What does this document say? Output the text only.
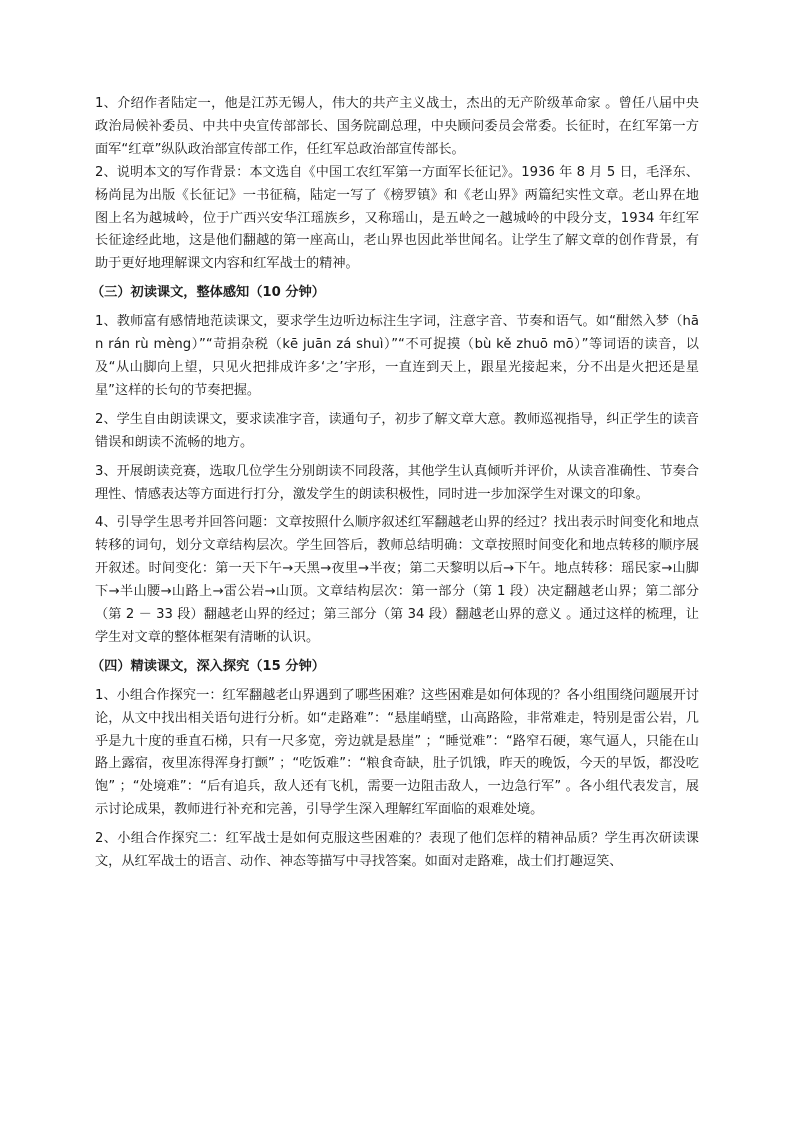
1、介绍作者陆定一，他是江苏无锡人，伟大的共产主义战士，杰出的无产阶级革命家 。曾任八届中央政治局候补委员、中共中央宣传部部长、国务院副总理，中央顾问委员会常委。长征时，在红军第一方面军“红章”纵队政治部宣传部工作，任红军总政治部宣传部长。

2、说明本文的写作背景：本文选自《中国工农红军第一方面军长征记》。1936 年 8 月 5 日，毛泽东、杨尚昆为出版《长征记》一书征稿，陆定一写了《榜罗镇》和《老山界》两篇纪实性文章。老山界在地图上名为越城岭，位于广西兴安华江瑶族乡，又称瑶山，是五岭之一越城岭的中段分支，1934 年红军长征途经此地，这是他们翻越的第一座高山，老山界也因此举世闻名。让学生了解文章的创作背景，有助于更好地理解课文内容和红军战士的精神。

（三）初读课文，整体感知（10 分钟）

1、教师富有感情地范读课文，要求学生边听边标注生字词，注意字音、节奏和语气。如“酣然入梦（hān rán rù mèng）”“苛捐杂税（kē juān zá shuì）”“不可捉摸（bù kě zhuō mō）”等词语的读音，以及“从山脚向上望，只见火把排成许多‘之’字形，一直连到天上，跟星光接起来，分不出是火把还是星星”这样的长句的节奏把握。

2、学生自由朗读课文，要求读准字音，读通句子，初步了解文章大意。教师巡视指导，纠正学生的读音错误和朗读不流畅的地方。

3、开展朗读竞赛，选取几位学生分别朗读不同段落，其他学生认真倾听并评价，从读音准确性、节奏合理性、情感表达等方面进行打分，激发学生的朗读积极性，同时进一步加深学生对课文的印象。

4、引导学生思考并回答问题：文章按照什么顺序叙述红军翻越老山界的经过？找出表示时间变化和地点转移的词句，划分文章结构层次。学生回答后，教师总结明确：文章按照时间变化和地点转移的顺序展开叙述。时间变化：第一天下午→天黑→夜里→半夜；第二天黎明以后→下午。地点转移：瑶民家→山脚下→半山腰→山路上→雷公岩→山顶。文章结构层次：第一部分（第 1 段）决定翻越老山界；第二部分（第 2 － 33 段）翻越老山界的经过；第三部分（第 34 段）翻越老山界的意义 。通过这样的梳理，让学生对文章的整体框架有清晰的认识。

（四）精读课文，深入探究（15 分钟）

1、小组合作探究一：红军翻越老山界遇到了哪些困难？这些困难是如何体现的？各小组围绕问题展开讨论，从文中找出相关语句进行分析。如“走路难”：“悬崖峭壁，山高路险，非常难走，特别是雷公岩，几乎是九十度的垂直石梯，只有一尺多宽，旁边就是悬崖” ；“睡觉难”：“路窄石硬，寒气逼人，只能在山路上露宿，夜里冻得浑身打颤” ；“吃饭难”：“粮食奇缺，肚子饥饿，昨天的晚饭，今天的早饭，都没吃饱” ；“处境难”：“后有追兵，敌人还有飞机，需要一边阻击敌人，一边急行军” 。各小组代表发言，展示讨论成果，教师进行补充和完善，引导学生深入理解红军面临的艰难处境。

2、小组合作探究二：红军战士是如何克服这些困难的？表现了他们怎样的精神品质？学生再次研读课文，从红军战士的语言、动作、神态等描写中寻找答案。如面对走路难，战士们打趣逗笑、
